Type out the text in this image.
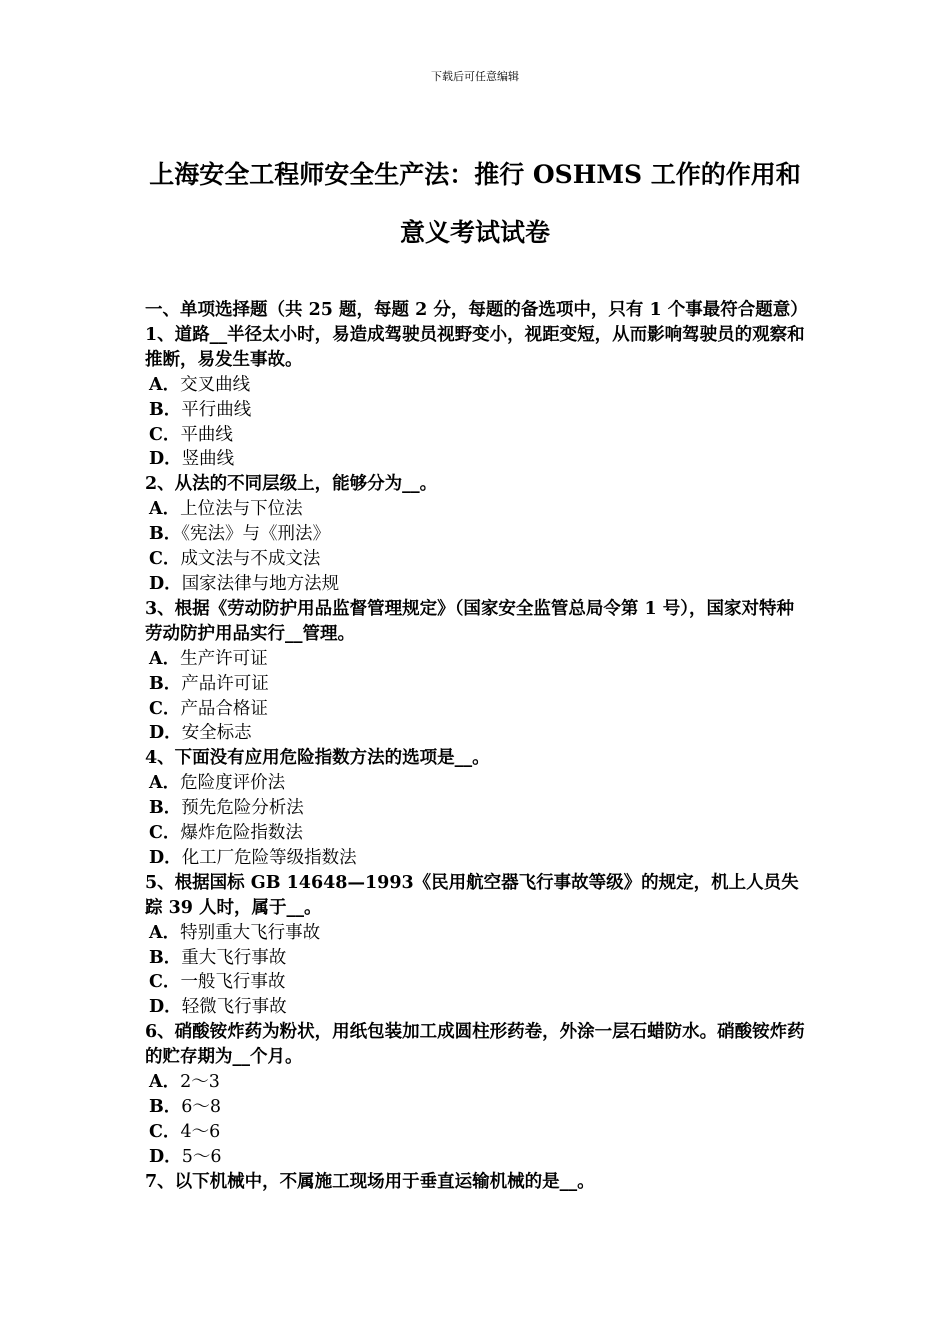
下载后可任意编辑
上海安全工程师安全生产法：推行 OSHMS 工作的作用和意义考试试卷

一、单项选择题（共 25 题，每题 2 分，每题的备选项中，只有 1 个事最符合题意）

1、道路__半径太小时，易造成驾驶员视野变小，视距变短，从而影响驾驶员的观察和推断，易发生事故。

A．交叉曲线

B．平行曲线

C．平曲线

D．竖曲线

2、从法的不同层级上，能够分为__。

A．上位法与下位法

B．《宪法》与《刑法》

C．成文法与不成文法

D．国家法律与地方法规

3、根据《劳动防护用品监督管理规定》（国家安全监管总局令第 1 号），国家对特种劳动防护用品实行__管理。

A．生产许可证

B．产品许可证

C．产品合格证

D．安全标志

4、下面没有应用危险指数方法的选项是__。

A．危险度评价法

B．预先危险分析法

C．爆炸危险指数法

D．化工厂危险等级指数法

5、根据国标 GB 14648—1993《民用航空器飞行事故等级》的规定，机上人员失踪 39 人时，属于__。

A．特别重大飞行事故

B．重大飞行事故

C．一般飞行事故

D．轻微飞行事故

6、硝酸铵炸药为粉状，用纸包装加工成圆柱形药卷，外涂一层石蜡防水。硝酸铵炸药的贮存期为__个月。

A．2～3

B．6～8

C．4～6

D．5～6

7、以下机械中，不属施工现场用于垂直运输机械的是__。
